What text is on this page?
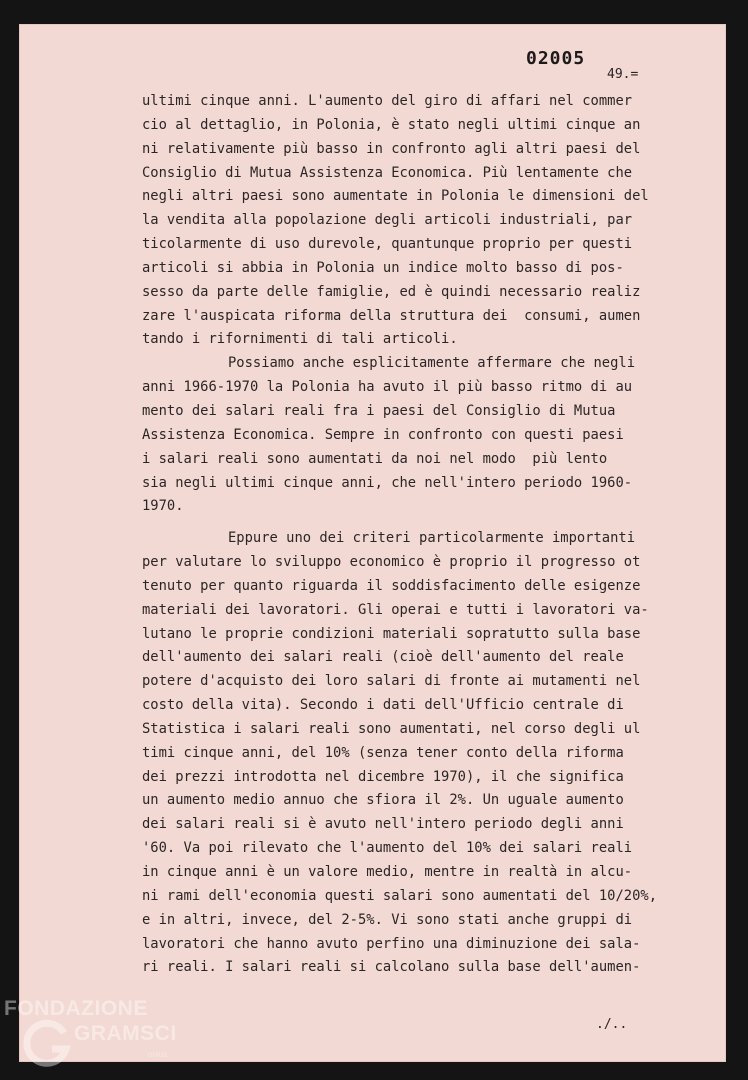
02005
49.=
ultimi cinque anni. L'aumento del giro di affari nel commer
cio al dettaglio, in Polonia, è stato negli ultimi cinque an
ni relativamente più basso in confronto agli altri paesi del
Consiglio di Mutua Assistenza Economica. Più lentamente che
negli altri paesi sono aumentate in Polonia le dimensioni del
la vendita alla popolazione degli articoli industriali, par
ticolarmente di uso durevole, quantunque proprio per questi
articoli si abbia in Polonia un indice molto basso di pos-
sesso da parte delle famiglie, ed è quindi necessario realiz
zare l'auspicata riforma della struttura dei  consumi, aumen
tando i rifornimenti di tali articoli.
Possiamo anche esplicitamente affermare che negli
anni 1966-1970 la Polonia ha avuto il più basso ritmo di au
mento dei salari reali fra i paesi del Consiglio di Mutua
Assistenza Economica. Sempre in confronto con questi paesi
i salari reali sono aumentati da noi nel modo  più lento
sia negli ultimi cinque anni, che nell'intero periodo 1960-
1970.
Eppure uno dei criteri particolarmente importanti
per valutare lo sviluppo economico è proprio il progresso ot
tenuto per quanto riguarda il soddisfacimento delle esigenze
materiali dei lavoratori. Gli operai e tutti i lavoratori va-
lutano le proprie condizioni materiali sopratutto sulla base
dell'aumento dei salari reali (cioè dell'aumento del reale
potere d'acquisto dei loro salari di fronte ai mutamenti nel
costo della vita). Secondo i dati dell'Ufficio centrale di
Statistica i salari reali sono aumentati, nel corso degli ul
timi cinque anni, del 10% (senza tener conto della riforma
dei prezzi introdotta nel dicembre 1970), il che significa
un aumento medio annuo che sfiora il 2%. Un uguale aumento
dei salari reali si è avuto nell'intero periodo degli anni
'60. Va poi rilevato che l'aumento del 10% dei salari reali
in cinque anni è un valore medio, mentre in realtà in alcu-
ni rami dell'economia questi salari sono aumentati del 10/20%,
e in altri, invece, del 2-5%. Vi sono stati anche gruppi di
lavoratori che hanno avuto perfino una diminuzione dei sala-
ri reali. I salari reali si calcolano sulla base dell'aumen-
./..
FONDAZIONE
GRAMSCI
onlus
